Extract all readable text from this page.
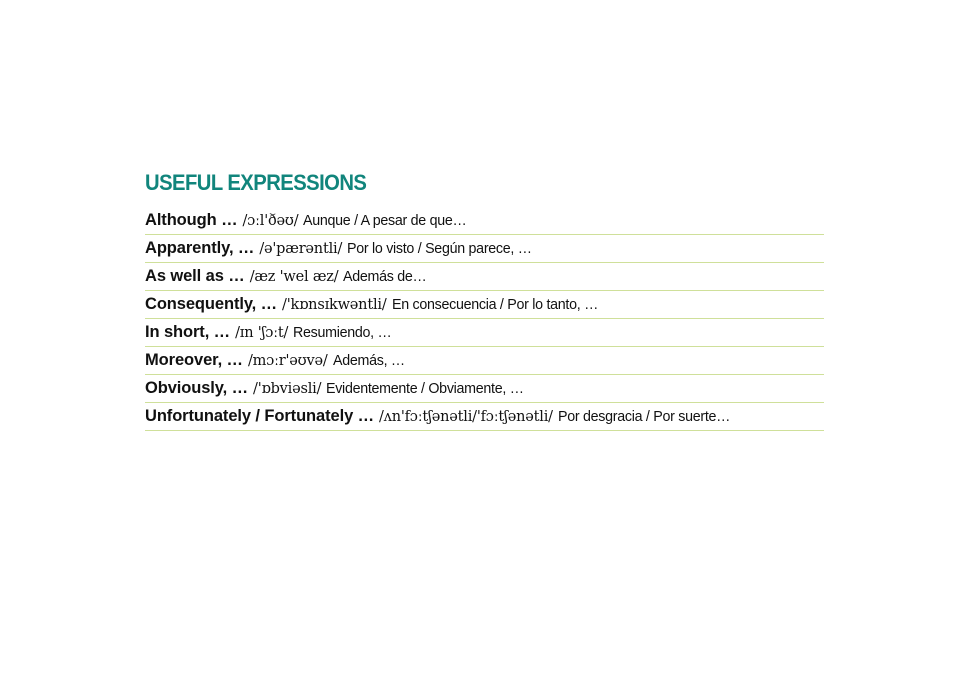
USEFUL EXPRESSIONS
Although … /ɔːl'ðəʊ/ Aunque / A pesar de que…
Apparently, … /ə'pærəntli/ Por lo visto / Según parece, …
As well as … /æz 'wel æz/ Además de…
Consequently, … /'kɒnsɪkwəntli/ En consecuencia / Por lo tanto, …
In short, … /ɪn 'ʃɔːt/ Resumiendo, …
Moreover, … /mɔːr'əʊvə/ Además, …
Obviously, … /'ɒbviəsli/ Evidentemente / Obviamente, …
Unfortunately / Fortunately … /ʌn'fɔːtʃənətli/'fɔːtʃənətli/ Por desgracia / Por suerte…
